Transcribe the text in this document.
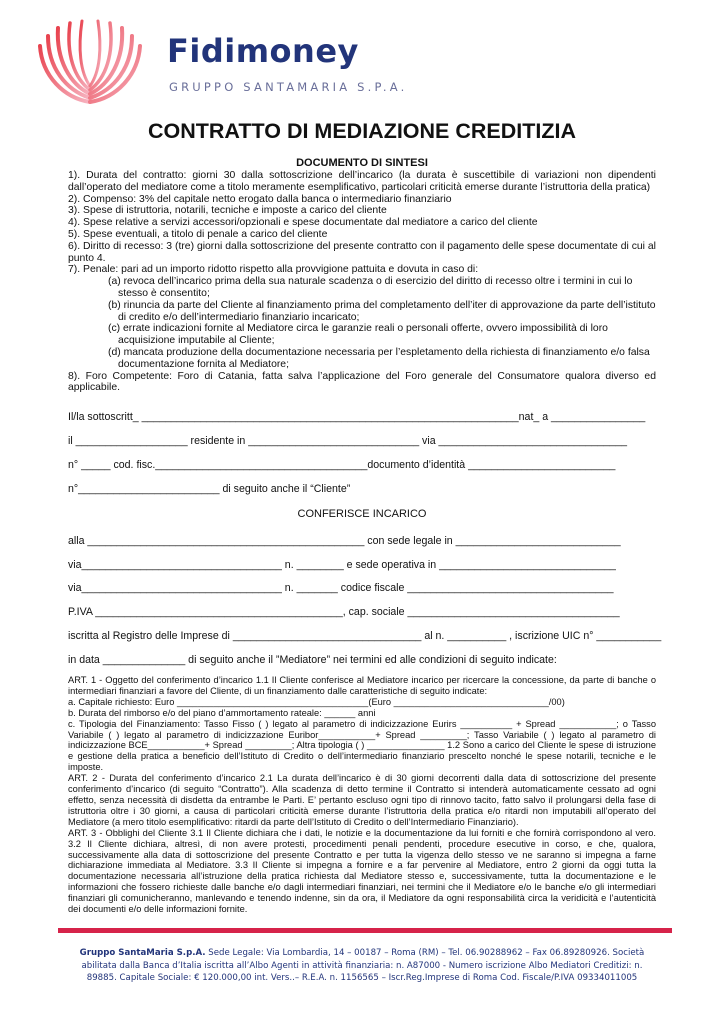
Fidimoney
GRUPPO SANTAMARIA S.P.A.
CONTRATTO DI MEDIAZIONE CREDITIZIA
DOCUMENTO DI SINTESI

1). Durata del contratto: giorni 30 dalla sottoscrizione dell’incarico (la durata è suscettibile di variazioni non dipendenti dall’operato del mediatore come a titolo meramente esemplificativo, particolari criticità emerse durante l’istruttoria della pratica)

2). Compenso: 3% del capitale netto erogato dalla banca o intermediario finanziario

3). Spese di istruttoria, notarili, tecniche e imposte a carico del cliente

4). Spese relative a servizi accessori/opzionali e spese documentate dal mediatore a carico del cliente

5). Spese eventuali, a titolo di penale a carico del cliente

6). Diritto di recesso: 3 (tre) giorni dalla sottoscrizione del presente contratto con il pagamento delle spese documentate di cui al punto 4.

7). Penale: pari ad un importo ridotto rispetto alla provvigione pattuita e dovuta in caso di:

(a) revoca dell’incarico prima della sua naturale scadenza o di esercizio del diritto di recesso oltre i termini in cui lo stesso è consentito;

(b) rinuncia da parte del Cliente al finanziamento prima del completamento dell’iter di approvazione da parte dell’istituto di credito e/o dell’intermediario finanziario incaricato;

(c) errate indicazioni fornite al Mediatore circa le garanzie reali o personali offerte, ovvero impossibilità di loro acquisizione imputabile al Cliente;

(d) mancata produzione della documentazione necessaria per l’espletamento della richiesta di finanziamento e/o falsa documentazione fornita al Mediatore;

8). Foro Competente: Foro di Catania, fatta salva l’applicazione del Foro generale del Consumatore qualora diverso ed applicabile.

Il/la sottoscritt_ ________________________________________________________________nat_ a ________________
il ___________________ residente in _____________________________ via ________________________________
n° _____ cod. fisc.____________________________________documento d’identità _________________________
n°________________________ di seguito anche il “Cliente”
CONFERISCE INCARICO
alla _______________________________________________ con sede legale in ____________________________
via__________________________________ n. ________ e sede operativa in ______________________________
via__________________________________ n. _______ codice fiscale ___________________________________
P.IVA __________________________________________, cap. sociale ____________________________________
iscritta al Registro delle Imprese di ________________________________ al n. __________ , iscrizione UIC n° ___________
in data ______________ di seguito anche il ”Mediatore” nei termini ed alle condizioni di seguito indicate:

ART. 1 - Oggetto del conferimento d’incarico 1.1 Il Cliente conferisce al Mediatore incarico per ricercare la concessione, da parte di banche o intermediari finanziari a favore del Cliente, di un finanziamento dalle caratteristiche di seguito indicate:

a. Capitale richiesto: Euro _____________________________________(Euro ______________________________/00)

b. Durata del rimborso e/o del piano d’ammortamento rateale: ______ anni

c. Tipologia del Finanziamento: Tasso Fisso ( ) legato al parametro di indicizzazione Eurirs __________ + Spread ___________; o Tasso Variabile ( ) legato al parametro di indicizzazione Euribor___________+ Spread _________; Tasso Variabile ( ) legato al parametro di indicizzazione BCE___________+ Spread _________; Altra tipologia ( ) _______________ 1.2 Sono a carico del Cliente le spese di istruzione e gestione della pratica a beneficio dell’Istituto di Credito o dell’intermediario finanziario prescelto nonché le spese notarili, tecniche e le imposte.

ART. 2 - Durata del conferimento d’incarico 2.1 La durata dell’incarico è di 30 giorni decorrenti dalla data di sottoscrizione del presente conferimento d’incarico (di seguito “Contratto”). Alla scadenza di detto termine il Contratto si intenderà automaticamente cessato ad ogni effetto, senza necessità di disdetta da entrambe le Parti. E’ pertanto escluso ogni tipo di rinnovo tacito, fatto salvo il prolungarsi della fase di istruttoria oltre i 30 giorni, a causa di particolari criticità emerse durante l’istruttoria della pratica e/o ritardi non imputabili all’operato del Mediatore (a mero titolo esemplificativo: ritardi da parte dell’Istituto di Credito o dell’Intermediario Finanziario).

ART. 3 - Obblighi del Cliente 3.1 Il Cliente dichiara che i dati, le notizie e la documentazione da lui forniti e che fornirà corrispondono al vero. 3.2 Il Cliente dichiara, altresì, di non avere protesti, procedimenti penali pendenti, procedure esecutive in corso, e che, qualora, successivamente alla data di sottoscrizione del presente Contratto e per tutta la vigenza dello stesso ve ne saranno si impegna a farne dichiarazione immediata al Mediatore. 3.3 Il Cliente si impegna a fornire e a far pervenire al Mediatore, entro 2 giorni da oggi tutta la documentazione necessaria all’istruzione della pratica richiesta dal Mediatore stesso e, successivamente, tutta la documentazione e le informazioni che fossero richieste dalle banche e/o dagli intermediari finanziari, nei termini che il Mediatore e/o le banche e/o gli intermediari finanziari gli comunicheranno, manlevando e tenendo indenne, sin da ora, il Mediatore da ogni responsabilità circa la veridicità e l’autenticità dei documenti e/o delle informazioni fornite.

Gruppo SantaMaria S.p.A. Sede Legale: Via Lombardia, 14 – 00187 – Roma (RM) – Tel. 06.90288962 – Fax 06.89280926. Società
abilitata dalla Banca d’Italia iscritta all’Albo Agenti in attività finanziaria: n. A87000 - Numero iscrizione Albo Mediatori Creditizi: n.
89885. Capitale Sociale: € 120.000,00 int. Vers..– R.E.A. n. 1156565 – Iscr.Reg.Imprese di Roma Cod. Fiscale/P.IVA 09334011005
